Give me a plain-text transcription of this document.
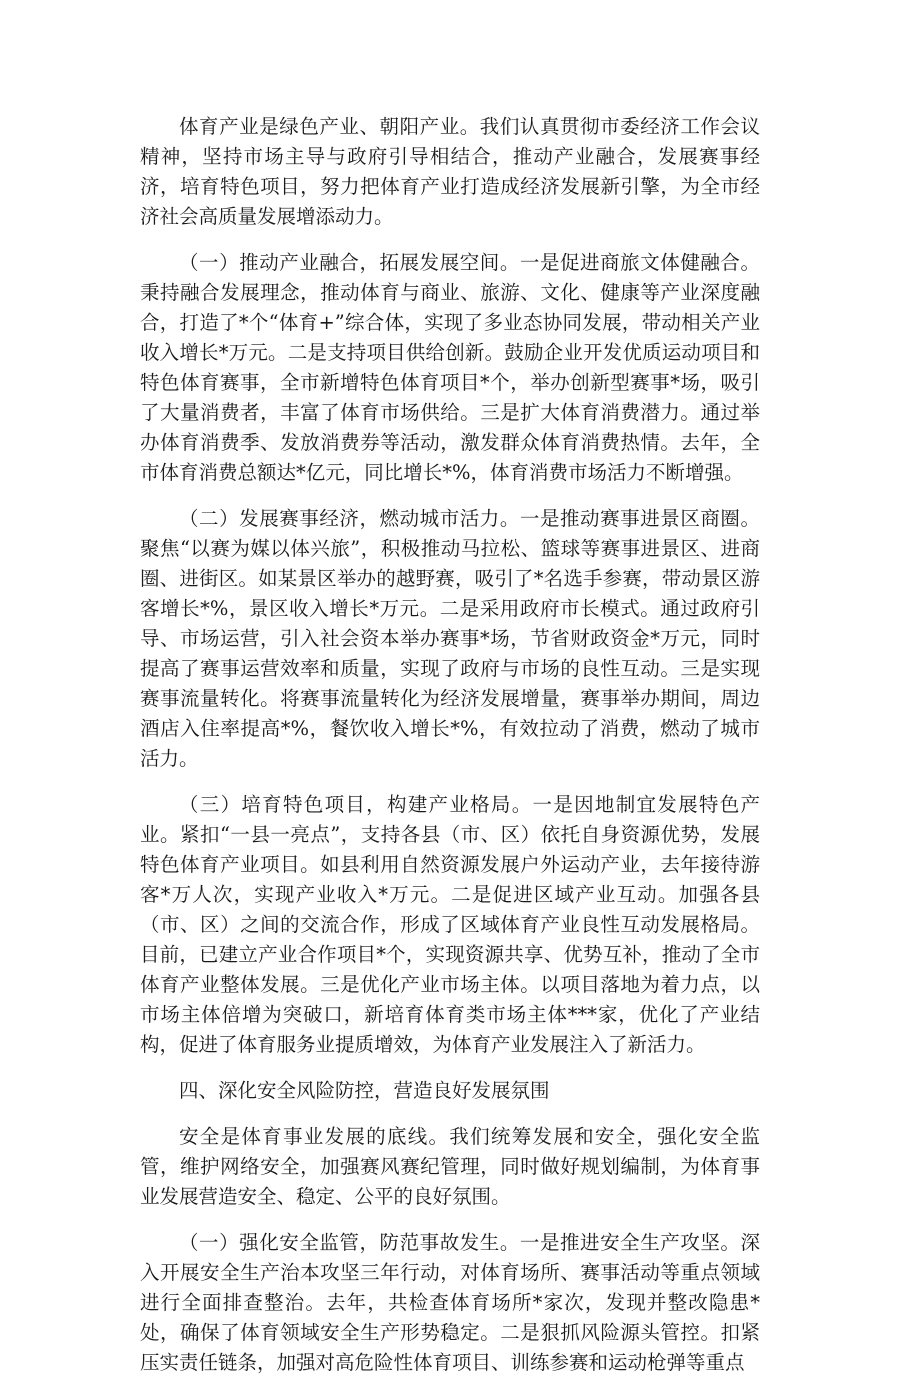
体育产业是绿色产业、朝阳产业。我们认真贯彻市委经济工作会议精神，坚持市场主导与政府引导相结合，推动产业融合，发展赛事经济，培育特色项目，努力把体育产业打造成经济发展新引擎，为全市经济社会高质量发展增添动力。

（一）推动产业融合，拓展发展空间。一是促进商旅文体健融合。秉持融合发展理念，推动体育与商业、旅游、文化、健康等产业深度融合，打造了*个“体育+”综合体，实现了多业态协同发展，带动相关产业收入增长*万元。二是支持项目供给创新。鼓励企业开发优质运动项目和特色体育赛事，全市新增特色体育项目*个，举办创新型赛事*场，吸引了大量消费者，丰富了体育市场供给。三是扩大体育消费潜力。通过举办体育消费季、发放消费券等活动，激发群众体育消费热情。去年，全市体育消费总额达*亿元，同比增长*%，体育消费市场活力不断增强。

（二）发展赛事经济，燃动城市活力。一是推动赛事进景区商圈。聚焦“以赛为媒以体兴旅”，积极推动马拉松、篮球等赛事进景区、进商圈、进街区。如某景区举办的越野赛，吸引了*名选手参赛，带动景区游客增长*%，景区收入增长*万元。二是采用政府市长模式。通过政府引导、市场运营，引入社会资本举办赛事*场，节省财政资金*万元，同时提高了赛事运营效率和质量，实现了政府与市场的良性互动。三是实现赛事流量转化。将赛事流量转化为经济发展增量，赛事举办期间，周边酒店入住率提高*%，餐饮收入增长*%，有效拉动了消费，燃动了城市活力。

（三）培育特色项目，构建产业格局。一是因地制宜发展特色产业。紧扣“一县一亮点”，支持各县（市、区）依托自身资源优势，发展特色体育产业项目。如县利用自然资源发展户外运动产业，去年接待游客*万人次，实现产业收入*万元。二是促进区域产业互动。加强各县（市、区）之间的交流合作，形成了区域体育产业良性互动发展格局。目前，已建立产业合作项目*个，实现资源共享、优势互补，推动了全市体育产业整体发展。三是优化产业市场主体。以项目落地为着力点，以市场主体倍增为突破口，新培育体育类市场主体***家，优化了产业结构，促进了体育服务业提质增效，为体育产业发展注入了新活力。

四、深化安全风险防控，营造良好发展氛围

安全是体育事业发展的底线。我们统筹发展和安全，强化安全监管，维护网络安全，加强赛风赛纪管理，同时做好规划编制，为体育事业发展营造安全、稳定、公平的良好氛围。

（一）强化安全监管，防范事故发生。一是推进安全生产攻坚。深入开展安全生产治本攻坚三年行动，对体育场所、赛事活动等重点领域进行全面排查整治。去年，共检查体育场所*家次，发现并整改隐患*处，确保了体育领域安全生产形势稳定。二是狠抓风险源头管控。扣紧压实责任链条，加强对高危险性体育项目、训练参赛和运动枪弹等重点
